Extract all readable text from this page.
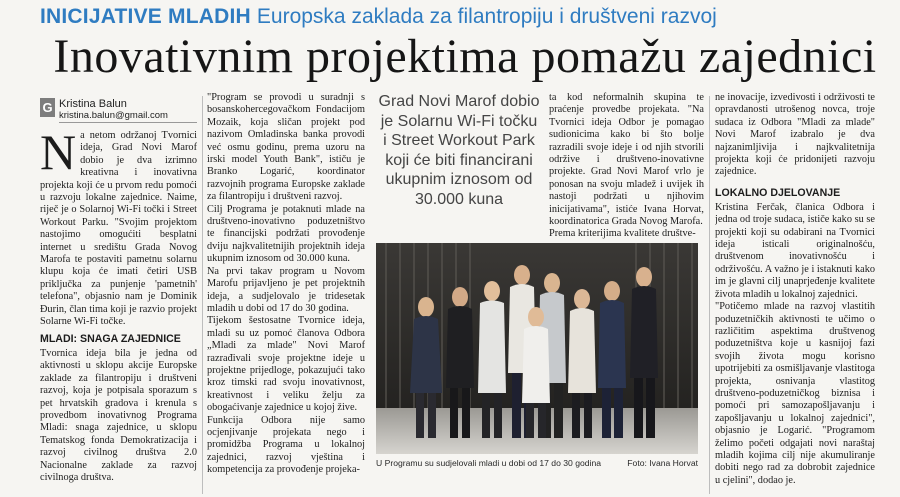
INICIJATIVE MLADIH Europska zaklada za filantropiju i društveni razvoj
Inovativnim projektima pomažu zajednici
G Kristina Balun
kristina.balun@gmail.com
Na netom održanoj Tvornici ideja, Grad Novi Marof dobio je dva izrimno kreativna i inovativna projekta koji će u prvom redu pomoći u razvoju lokalne zajednice. Naime, riječ je o Solarnoj Wi-Fi točki i Street Workout Parku. "Svojim projektom nastojimo omogućiti besplatni internet u središtu Grada Novog Marofa te postaviti pametnu solarnu klupu koja će imati četiri USB priključka za punjenje 'pametnih' telefona", objasnio nam je Dominik Đurin, član tima koji je razvio projekt Solarne Wi-Fi točke.
MLADI: SNAGA ZAJEDNICE

Tvornica ideja bila je jedna od aktivnosti u sklopu akcije Europske zaklade za filantropiju i društveni razvoj, koja je potpisala sporazum s pet hrvatskih gradova i krenula s provedbom inovativnog Programa Mladi: snaga zajednice, u sklopu Tematskog fonda Demokratizacija i razvoj civilnog društva 2.0 Nacionalne zaklade za razvoj civilnoga društva.

"Program se provodi u suradnji s bosanskohercegovačkom Fondacijom Mozaik, koja sličan projekt pod nazivom Omladinska banka provodi već osmu godinu, prema uzoru na irski model Youth Bank", ističu je Branko Logarić, koordinator razvojnih programa Europske zaklade za filantropiju i društveni razvoj.

Cilj Programa je potaknuti mlade na društveno-inovativno poduzetništvo te financijski podržati provođenje dviju najkvalitetnijih projektnih ideja ukupnim iznosom od 30.000 kuna.

Na prvi takav program u Novom Marofu prijavljeno je pet projektnih ideja, a sudjelovalo je tridesetak mladih u dobi od 17 do 30 godina.

Tijekom šestosatne Tvornice ideja, mladi su uz pomoć članova Odbora „Mladi za mlade" Novi Marof razrađivali svoje projektne ideje u projektne prijedloge, pokazujući tako kroz timski rad svoju inovativnost, kreativnost i veliku želju za obogaćivanje zajednice u kojoj žive.

Funkcija Odbora nije samo ocjenjivanje projekata nego i promidžba Programa u lokalnoj zajednici, razvoj vještina i kompetencija za provođenje projeka-

Grad Novi Marof dobio je Solarnu Wi-Fi točku i Street Workout Park koji će biti financirani ukupnim iznosom od 30.000 kuna

ta kod neformalnih skupina te praćenje provedbe projekata. "Na Tvornici ideja Odbor je pomagao sudionicima kako bi što bolje razradili svoje ideje i od njih stvorili održive i društveno-inovativne projekte. Grad Novi Marof vrlo je ponosan na svoju mladež i uvijek ih nastoji podržati u njihovim inicijativama", istiće Ivana Horvat, koordinatorica Grada Novog Marofa.

Prema kriterijima kvalitete društve-

ne inovacije, izvedivosti i održivosti te opravdanosti utrošenog novca, troje sudaca iz Odbora "Mladi za mlade" Novi Marof izabralo je dva najzanimljivija i najkvalitetnija projekta koji će pridonijeti razvoju zajednice.

LOKALNO DJELOVANJE

Kristina Ferčak, članica Odbora i jedna od troje sudaca, ističe kako su se projekti koji su odabirani na Tvornici ideja isticali originalnošću, društvenom inovativnošću i održivošću. A važno je i istaknuti kako im je glavni cilj unaprjeđenje kvalitete života mladih u lokalnoj zajednici.

"Potičemo mlade na razvoj vlastitih poduzetničkih aktivnosti te učimo o različitim aspektima društvenog poduzetništva koje u kasnijoj fazi svojih života mogu korisno upotrijebiti za osmišljavanje vlastitoga projekta, osnivanja vlastitog društveno-poduzetničkog biznisa i pomoći pri samozapošljavanju i zapošljavanju u lokalnoj zajednici", objasnio je Logarić. "Programom želimo početi odgajati novi naraštaj mladih kojima cilj nije akumuliranje dobiti nego rad za dobrobit zajednice u cjelini", dodao je.

U Programu su sudjelovali mladi u dobi od 17 do 30 godina	Foto: Ivana Horvat
